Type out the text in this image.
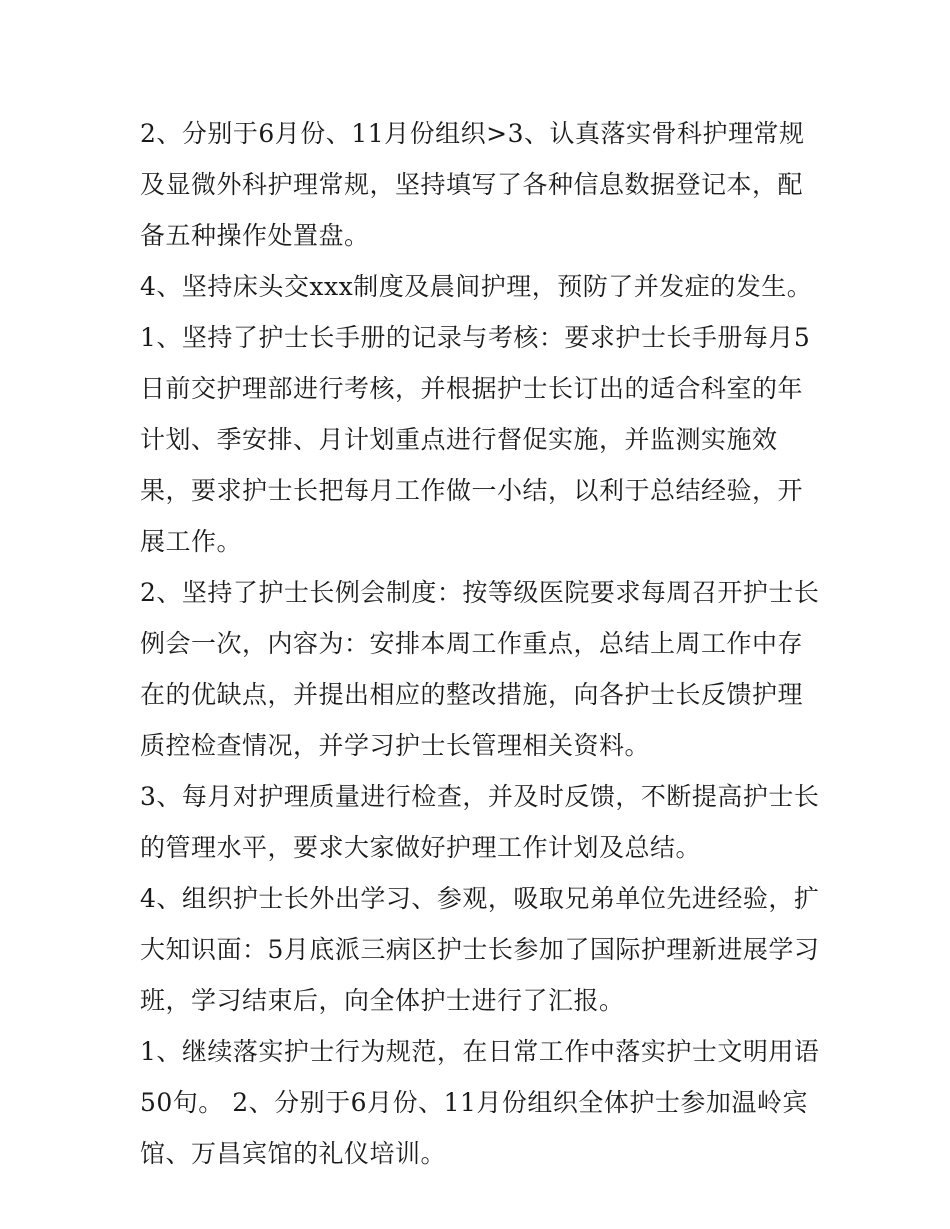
2、分别于6月份、11月份组织>3、认真落实骨科护理常规及显微外科护理常规，坚持填写了各种信息数据登记本，配备五种操作处置盘。

4、坚持床头交xxx制度及晨间护理，预防了并发症的发生。

1、坚持了护士长手册的记录与考核：要求护士长手册每月5日前交护理部进行考核，并根据护士长订出的适合科室的年计划、季安排、月计划重点进行督促实施，并监测实施效果，要求护士长把每月工作做一小结，以利于总结经验，开展工作。

2、坚持了护士长例会制度：按等级医院要求每周召开护士长例会一次，内容为：安排本周工作重点，总结上周工作中存在的优缺点，并提出相应的整改措施，向各护士长反馈护理质控检查情况，并学习护士长管理相关资料。

3、每月对护理质量进行检查，并及时反馈，不断提高护士长的管理水平，要求大家做好护理工作计划及总结。

4、组织护士长外出学习、参观，吸取兄弟单位先进经验，扩大知识面：5月底派三病区护士长参加了国际护理新进展学习班，学习结束后，向全体护士进行了汇报。

1、继续落实护士行为规范，在日常工作中落实护士文明用语50句。 2、分别于6月份、11月份组织全体护士参加温岭宾馆、万昌宾馆的礼仪培训。
